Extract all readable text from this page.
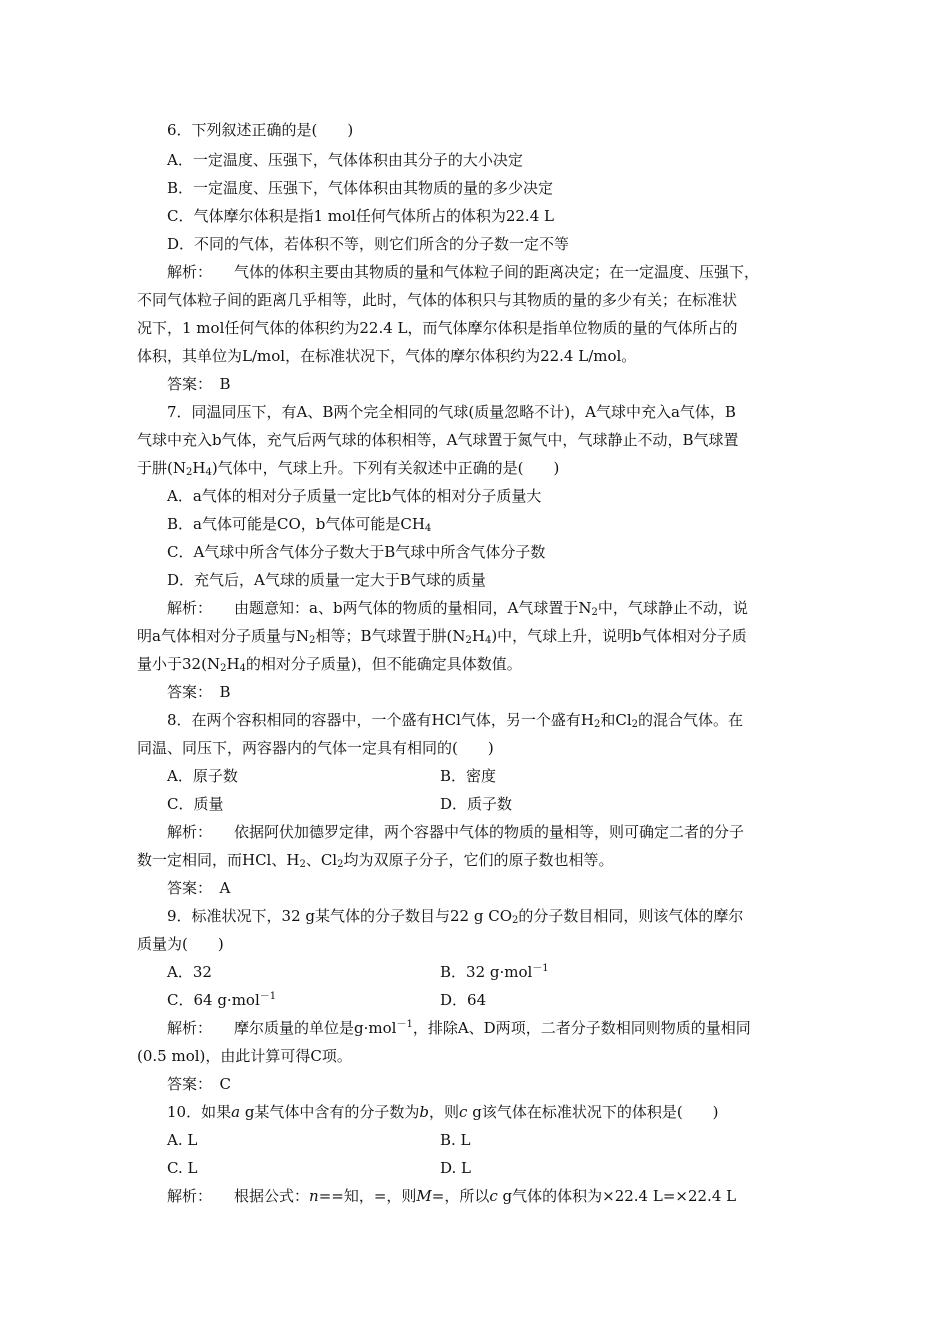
6．下列叙述正确的是(　　)
A．一定温度、压强下，气体体积由其分子的大小决定
B．一定温度、压强下，气体体积由其物质的量的多少决定
C．气体摩尔体积是指1 mol任何气体所占的体积为22.4 L
D．不同的气体，若体积不等，则它们所含的分子数一定不等
解析： 气体的体积主要由其物质的量和气体粒子间的距离决定；在一定温度、压强下，
不同气体粒子间的距离几乎相等，此时，气体的体积只与其物质的量的多少有关；在标准状
况下，1 mol任何气体的体积约为22.4 L，而气体摩尔体积是指单位物质的量的气体所占的
体积，其单位为L/mol，在标准状况下，气体的摩尔体积约为22.4 L/mol。
答案：　B
7．同温同压下，有A、B两个完全相同的气球(质量忽略不计)，A气球中充入a气体，B
气球中充入b气体，充气后两气球的体积相等，A气球置于氮气中，气球静止不动，B气球置
于肼$(N_2H_4)$气体中，气球上升。下列有关叙述中正确的是(　　)
A．a气体的相对分子质量一定比b气体的相对分子质量大
B．a气体可能是CO，b气体可能是$CH_4$
C．A气球中所含气体分子数大于B气球中所含气体分子数
D．充气后，A气球的质量一定大于B气球的质量
解析： 由题意知：a、b两气体的物质的量相同，A气球置于$N_2$中，气球静止不动，说
明a气体相对分子质量与$N_2$相等；B气球置于肼$(N_2H_4)$中，气球上升，说明b气体相对分子质
量小于$32(N_2H_4$的相对分子质量)，但不能确定具体数值。
答案：　B
8．在两个容积相同的容器中，一个盛有HCl气体，另一个盛有$H_2$和$Cl_2$的混合气体。在
同温、同压下，两容器内的气体一定具有相同的(　　)
A．原子数	B．密度
C．质量	D．质子数
解析： 依据阿伏加德罗定律，两个容器中气体的物质的量相等，则可确定二者的分子
数一定相同，而HCl、$H_2$、$Cl_2$均为双原子分子，它们的原子数也相等。
答案：　A
9．标准状况下，32 g某气体的分子数目与22 g $CO_2$的分子数目相同，则该气体的摩尔
质量为(　　)
A．32	B．32 g·mol$^{-1}$
C．64 g·mol$^{-1}$	D．64
解析： 摩尔质量的单位是g·mol$^{-1}$，排除A、D两项，二者分子数相同则物质的量相同
(0.5 mol)，由此计算可得C项。
答案：　C
10．如果a g某气体中含有的分子数为b，则c g该气体在标准状况下的体积是(　　)
A. L	B. L
C. L	D. L
解析： 根据公式：n==知，=，则M=，所以c g气体的体积为×22.4 L=×22.4 L
